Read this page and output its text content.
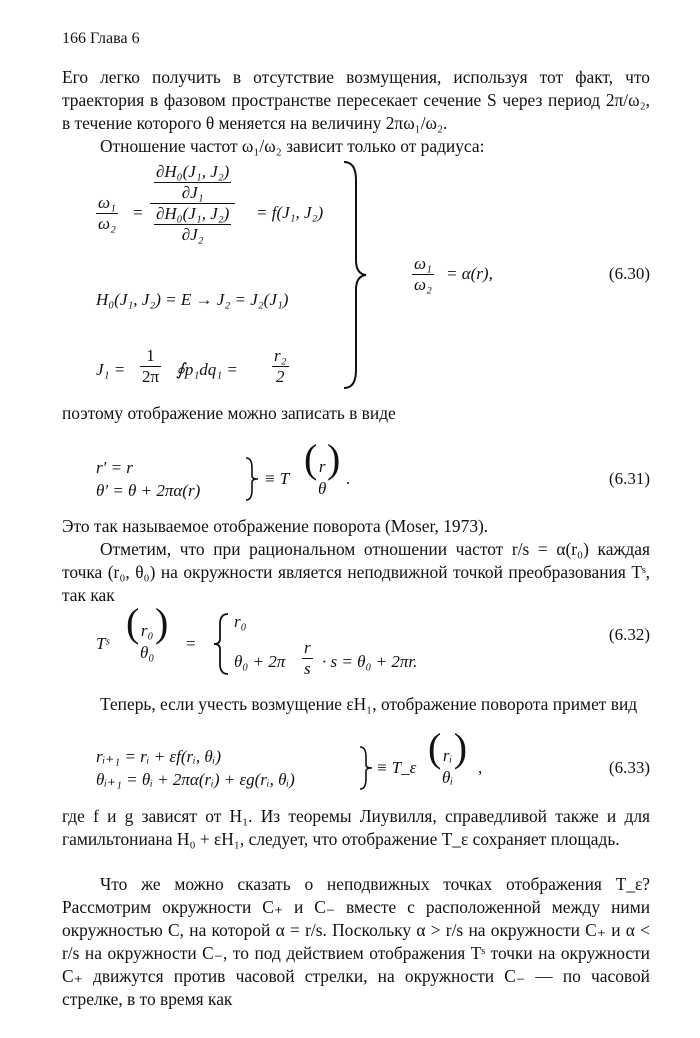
166 Глава 6
Его легко получить в отсутствие возмущения, используя тот факт, что траектория в фазовом пространстве пересекает сечение S через период 2π/ω₂, в течение которого θ меняется на величину 2πω₁/ω₂.
Отношение частот ω₁/ω₂ зависит только от радиуса:
$\frac{\text{ω₁}}{\text{ω₂}} = \partial H_0(J_1$, J₂)
∂J₁
∂H₀(J₁, J₂)
∂J₂ = f(J₁, J₂)
H₀(J₁, J₂) = E → J₂ = J₂(J₁)
$J_1 = \frac{1}{2\pi}$ ∮p₁dq₁ = $\frac{\text{r₂}}{2}$
$\frac{\text{ω₁}}{\text{ω₂}} = \alpha(r)$,	(6.30)
поэтому отображение можно записать в виде
r′ = r
θ′ = θ + 2πα(r)
≡ T ( r
θ
) .	(6.31)
Это так называемое отображение поворота (Moser, 1973).
Отметим, что при рациональном отношении частот r/s = α(r₀) каждая точка (r₀, θ₀) на окружности является неподвижной точкой преобразования Tˢ, так как
Tˢ ( r₀
θ₀
) =
r₀
$\theta_0 + 2\pi \frac{r}{s} \cdot s = \theta_0 + 2\pi r$.
(6.32)
Теперь, если учесть возмущение εH₁, отображение поворота примет вид
rᵢ₊₁ = rᵢ + εf(rᵢ, θᵢ)
θᵢ₊₁ = θᵢ + 2πα(rᵢ) + εg(rᵢ, θᵢ)
≡ T_ε ( rᵢ
θᵢ
) ,	(6.33)
где f и g зависят от H₁. Из теоремы Лиувилля, справедливой также и для гамильтониана H₀ + εH₁, следует, что отображение T_ε сохраняет площадь.
Что же можно сказать о неподвижных точках отображения T_ε? Рассмотрим окружности C₊ и C₋ вместе с расположенной между ними окружностью C, на которой α = r/s. Поскольку α > r/s на окружности C₊ и α < r/s на окружности C₋, то под действием отображения Tˢ точки на окружности C₊ движутся против часовой стрелки, на окружности C₋ — по часовой стрелке, в то время как
